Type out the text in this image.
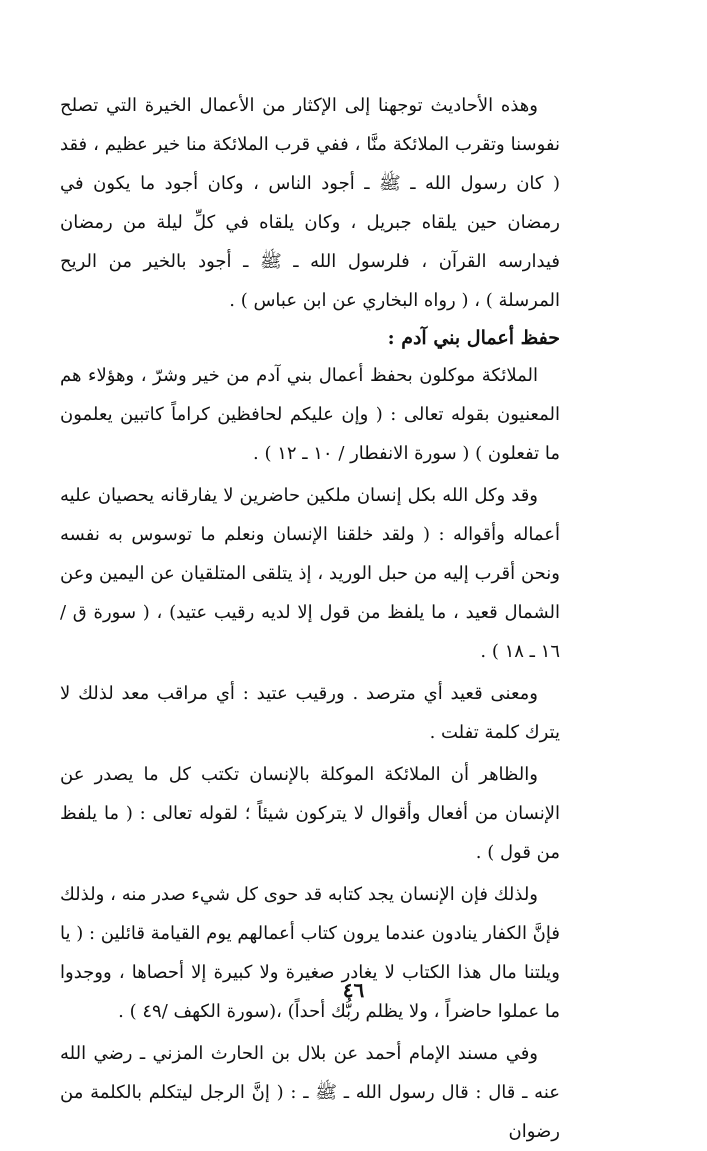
وهذه الأحاديث توجهنا إلى الإكثار من الأعمال الخيرة التي تصلح نفوسنا وتقرب الملائكة منَّا ، ففي قرب الملائكة منا خير عظيم ، فقد ( كان رسول الله ـ ﷺ ـ أجود الناس ، وكان أجود ما يكون في رمضان حين يلقاه جبريل ، وكان يلقاه في كلِّ ليلة من رمضان فيدارسه القرآن ، فلرسول الله ـ ﷺ ـ أجود بالخير من الريح المرسلة ) ، ( رواه البخاري عن ابن عباس ) .

حفظ أعمال بني آدم :

الملائكة موكلون بحفظ أعمال بني آدم من خير وشرّ ، وهؤلاء هم المعنيون بقوله تعالى : ( وإن عليكم لحافظين كراماً كاتبين يعلمون ما تفعلون ) ( سورة الانفطار / ١٠ ـ ١٢ ) .

وقد وكل الله بكل إنسان ملكين حاضرين لا يفارقانه يحصيان عليه أعماله وأقواله : ( ولقد خلقنا الإنسان ونعلم ما توسوس به نفسه ونحن أقرب إليه من حبل الوريد ، إذ يتلقى المتلقيان عن اليمين وعن الشمال قعيد ، ما يلفظ من قول إلا لديه رقيب عتيد) ، ( سورة ق /١٦ ـ ١٨ ) .

ومعنى قعيد أي مترصد . ورقيب عتيد : أي مراقب معد لذلك لا يترك كلمة تفلت .

والظاهر أن الملائكة الموكلة بالإنسان تكتب كل ما يصدر عن الإنسان من أفعال وأقوال لا يتركون شيئاً ؛ لقوله تعالى : ( ما يلفظ من قول ) .

ولذلك فإن الإنسان يجد كتابه قد حوى كل شيء صدر منه ، ولذلك فإنَّ الكفار ينادون عندما يرون كتاب أعمالهم يوم القيامة قائلين : ( يا ويلتنا مال هذا الكتاب لا يغادر صغيرة ولا كبيرة إلا أحصاها ، ووجدوا ما عملوا حاضراً ، ولا يظلم ربُّك أحداً) ،(سورة الكهف /٤٩ ) .

وفي مسند الإمام أحمد عن بلال بن الحارث المزني ـ رضي الله عنه ـ قال : قال رسول الله ـ ﷺ ـ : ( إنَّ الرجل ليتكلم بالكلمة من رضوان

٤٦
